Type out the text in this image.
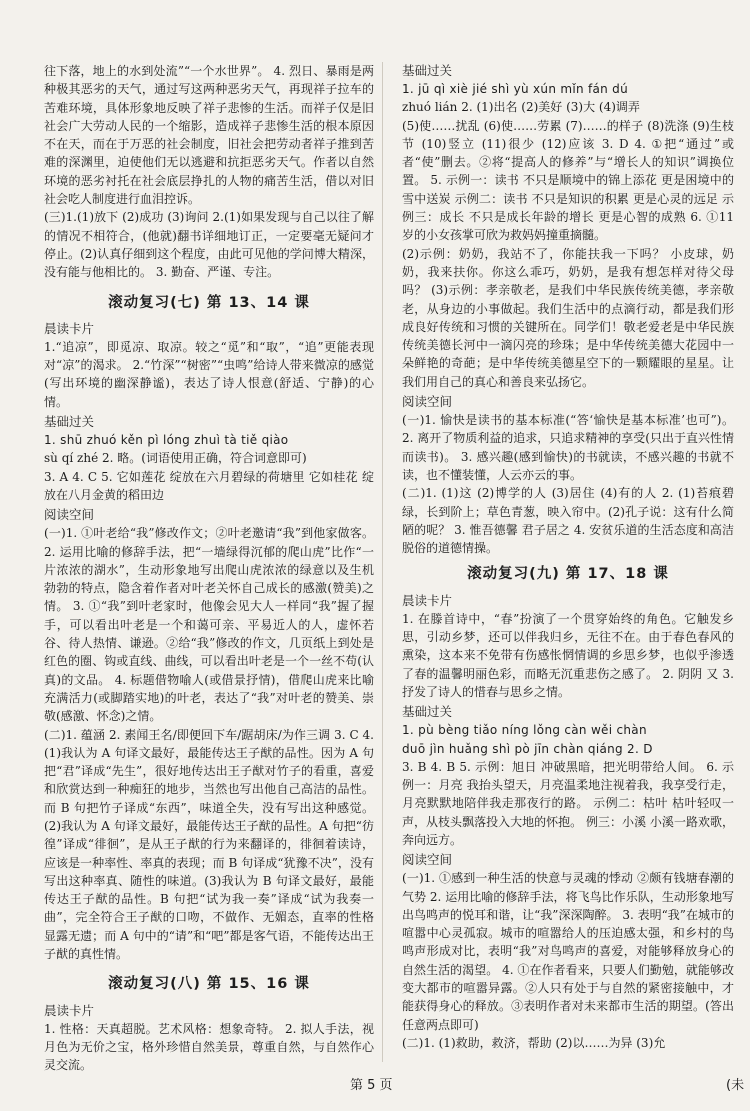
往下落，地上的水到处流”“一个水世界”。 4. 烈日、暴雨是两种极其恶劣的天气，通过写这两种恶劣天气，再现祥子拉车的苦难环境，具体形象地反映了祥子悲惨的生活。而祥子仅是旧社会广大劳动人民的一个缩影，造成祥子悲惨生活的根本原因不在天，而在于万恶的社会制度，旧社会把劳动者祥子推到苦难的深渊里，迫使他们无以逃避和抗拒恶劣天气。作者以自然环境的恶劣衬托在社会底层挣扎的人物的痛苦生活，借以对旧社会吃人制度进行血泪控诉。

(三)1.(1)放下 (2)成功 (3)询问 2.(1)如果发现与自己以往了解的情况不相符合，(他就)翻书详细地订正，一定要毫无疑问才停止。(2)认真仔细到这个程度，由此可见他的学问博大精深，没有能与他相比的。 3. 勤奋、严谨、专注。

滚动复习(七) 第 13、14 课
晨读卡片

1.“追凉”，即觅凉、取凉。较之“觅”和“取”，“追”更能表现对“凉”的渴求。 2.“竹深”“树密”“虫鸣”给诗人带来微凉的感觉(写出环境的幽深静谧)，表达了诗人恨意(舒适、宁静)的心情。

基础过关

1. shū zhuó kěn pì lóng zhuì tà tiě qiào

sù qí zhé 2. 略。(词语使用正确，符合词意即可)

3. A 4. C 5. 它如莲花 绽放在六月碧绿的荷塘里 它如桂花 绽放在八月金黄的稻田边

阅读空间

(一)1. ①叶老给“我”修改作文；②叶老邀请“我”到他家做客。 2. 运用比喻的修辞手法，把“一墙绿得沉郁的爬山虎”比作“一片浓浓的湖水”，生动形象地写出爬山虎浓浓的绿意以及生机勃勃的特点，隐含着作者对叶老关怀自己成长的感激(赞美)之情。 3. ①“我”到叶老家时，他像会见大人一样同“我”握了握手，可以看出叶老是一个和蔼可亲、平易近人的人，虚怀若谷、待人热情、谦逊。②给“我”修改的作文，几页纸上到处是红色的圈、钩或直线、曲线，可以看出叶老是一个一丝不苟(认真)的文品。 4. 标题借物喻人(或借景抒情)，借爬山虎来比喻充满活力(或脚踏实地)的叶老，表达了“我”对叶老的赞美、崇敬(感激、怀念)之情。

(二)1. 蕴涵 2. 素闻王名/即便回下车/踞胡床/为作三调 3. C 4. (1)我认为 A 句译文最好，最能传达王子猷的品性。因为 A 句把“君”译成“先生”，很好地传达出王子猷对竹子的看重，喜爱和欣赏达到一种痴狂的地步，当然也写出他自己高洁的品性。而 B 句把竹子译成“东西”，味道全失，没有写出这种感觉。(2)我认为 A 句译文最好，最能传达王子猷的品性。A 句把“彷徨”译成“徘徊”，是从王子猷的行为来翻译的，徘徊着读诗，应该是一种率性、率真的表现；而 B 句译成“犹豫不决”，没有写出这种率真、随性的味道。(3)我认为 B 句译文最好，最能传达王子猷的品性。B 句把“试为我一奏”译成“试为我奏一曲”，完全符合王子猷的口吻，不做作、无媚态，直率的性格显露无遗；而 A 句中的“请”和“吧”都是客气语，不能传达出王子猷的真性情。

滚动复习(八) 第 15、16 课
晨读卡片

1. 性格：天真超脱。艺术风格：想象奇特。 2. 拟人手法，视月色为无价之宝，格外珍惜自然美景，尊重自然，与自然作心灵交流。

基础过关

1. jū qì xiè jié shì yù xún mǐn fán dú

zhuó lián 2. (1)出名 (2)美好 (3)大 (4)调弄

(5)使……扰乱 (6)使……劳累 (7)……的样子 (8)洗涤 (9)生枝节 (10)竖立 (11)很少 (12)应该 3. D 4. ①把“通过”或者“使”删去。②将“提高人的修养”与“增长人的知识”调换位置。 5. 示例一：读书 不只是顺境中的锦上添花 更是困境中的雪中送炭 示例二：读书 不只是知识的积累 更是心灵的远足 示例三：成长 不只是成长年龄的增长 更是心智的成熟 6. ①11 岁的小女孩掌可欣为救妈妈撞重摘髓。

(2)示例：奶奶，我站不了，你能扶我一下吗？ 小皮球，奶奶，我来扶你。你这么乖巧，奶奶，是我有想怎样对待父母吗？ (3)示例：孝亲敬老，是我们中华民族传统美德，孝亲敬老，从身边的小事做起。我们生活中的点滴行动，都是我们形成良好传统和习惯的关键所在。同学们！敬老爱老是中华民族传统美德长河中一滴闪亮的珍珠；是中华传统美德大花园中一朵鲜艳的奇葩；是中华传统美德星空下的一颗耀眼的星星。让我们用自己的真心和善良来弘扬它。

阅读空间

(一)1. 愉快是读书的基本标准(“答‘愉快是基本标准’也可”)。 2. 离开了物质利益的追求，只追求精神的享受(只出于直兴性情而读书)。 3. 感兴趣(感到愉快)的书就读，不感兴趣的书就不读，也不懂装懂，人云亦云的事。

(二)1. (1)这 (2)博学的人 (3)居住 (4)有的人 2. (1)苔痕碧绿，长到阶上；草色青葱，映入帘中。(2)孔子说：这有什么简陋的呢？ 3. 惟吾德馨 君子居之 4. 安贫乐道的生活态度和高洁脱俗的道德情操。

滚动复习(九) 第 17、18 课
晨读卡片

1. 在滕首诗中，“春”扮演了一个贯穿始终的角色。它触发乡思，引动乡梦，还可以伴我归乡，无往不在。由于春色春风的熏染，这本来不免带有伤感怅惘情调的乡思乡梦，也似乎渗透了春的温馨明丽色彩，而略无沉重悲伤之感了。 2. 阴阴 又 3. 抒发了诗人的惜春与思乡之情。

基础过关

1. pù bèng tiǎo níng lǒng càn wěi chàn

duō jìn huǎng shì pò jīn chàn qiáng 2. D

3. B 4. B 5. 示例：旭日 冲破黑暗，把光明带给人间。 6. 示例一：月亮 我抬头望天，月亮温柔地注视着我，我享受行走，月亮默默地陪伴我走那夜行的路。 示例二：枯叶 枯叶轻叹一声，从枝头飘落投入大地的怀抱。 例三：小溪 小溪一路欢歌，奔向远方。

阅读空间

(一)1. ①感到一种生活的快意与灵魂的悸动 ②颇有钱塘春潮的气势 2. 运用比喻的修辞手法，将飞鸟比作乐队，生动形象地写出鸟鸣声的悦耳和谐，让“我”深深陶醉。 3. 表明“我”在城市的喧嚣中心灵孤寂。城市的喧嚣给人的压迫感太强，和乡村的鸟鸣声形成对比，表明“我”对鸟鸣声的喜爱，对能够释放身心的自然生活的渴望。 4. ①在作者看来，只要人们勤勉，就能够改变大都市的喧嚣异露。②人只有处于与自然的紧密接触中，才能获得身心的释放。③表明作者对未来都市生活的期望。(答出任意两点即可)

(二)1. (1)救助，救济，帮助 (2)以……为异 (3)允

第 5 页	(未
